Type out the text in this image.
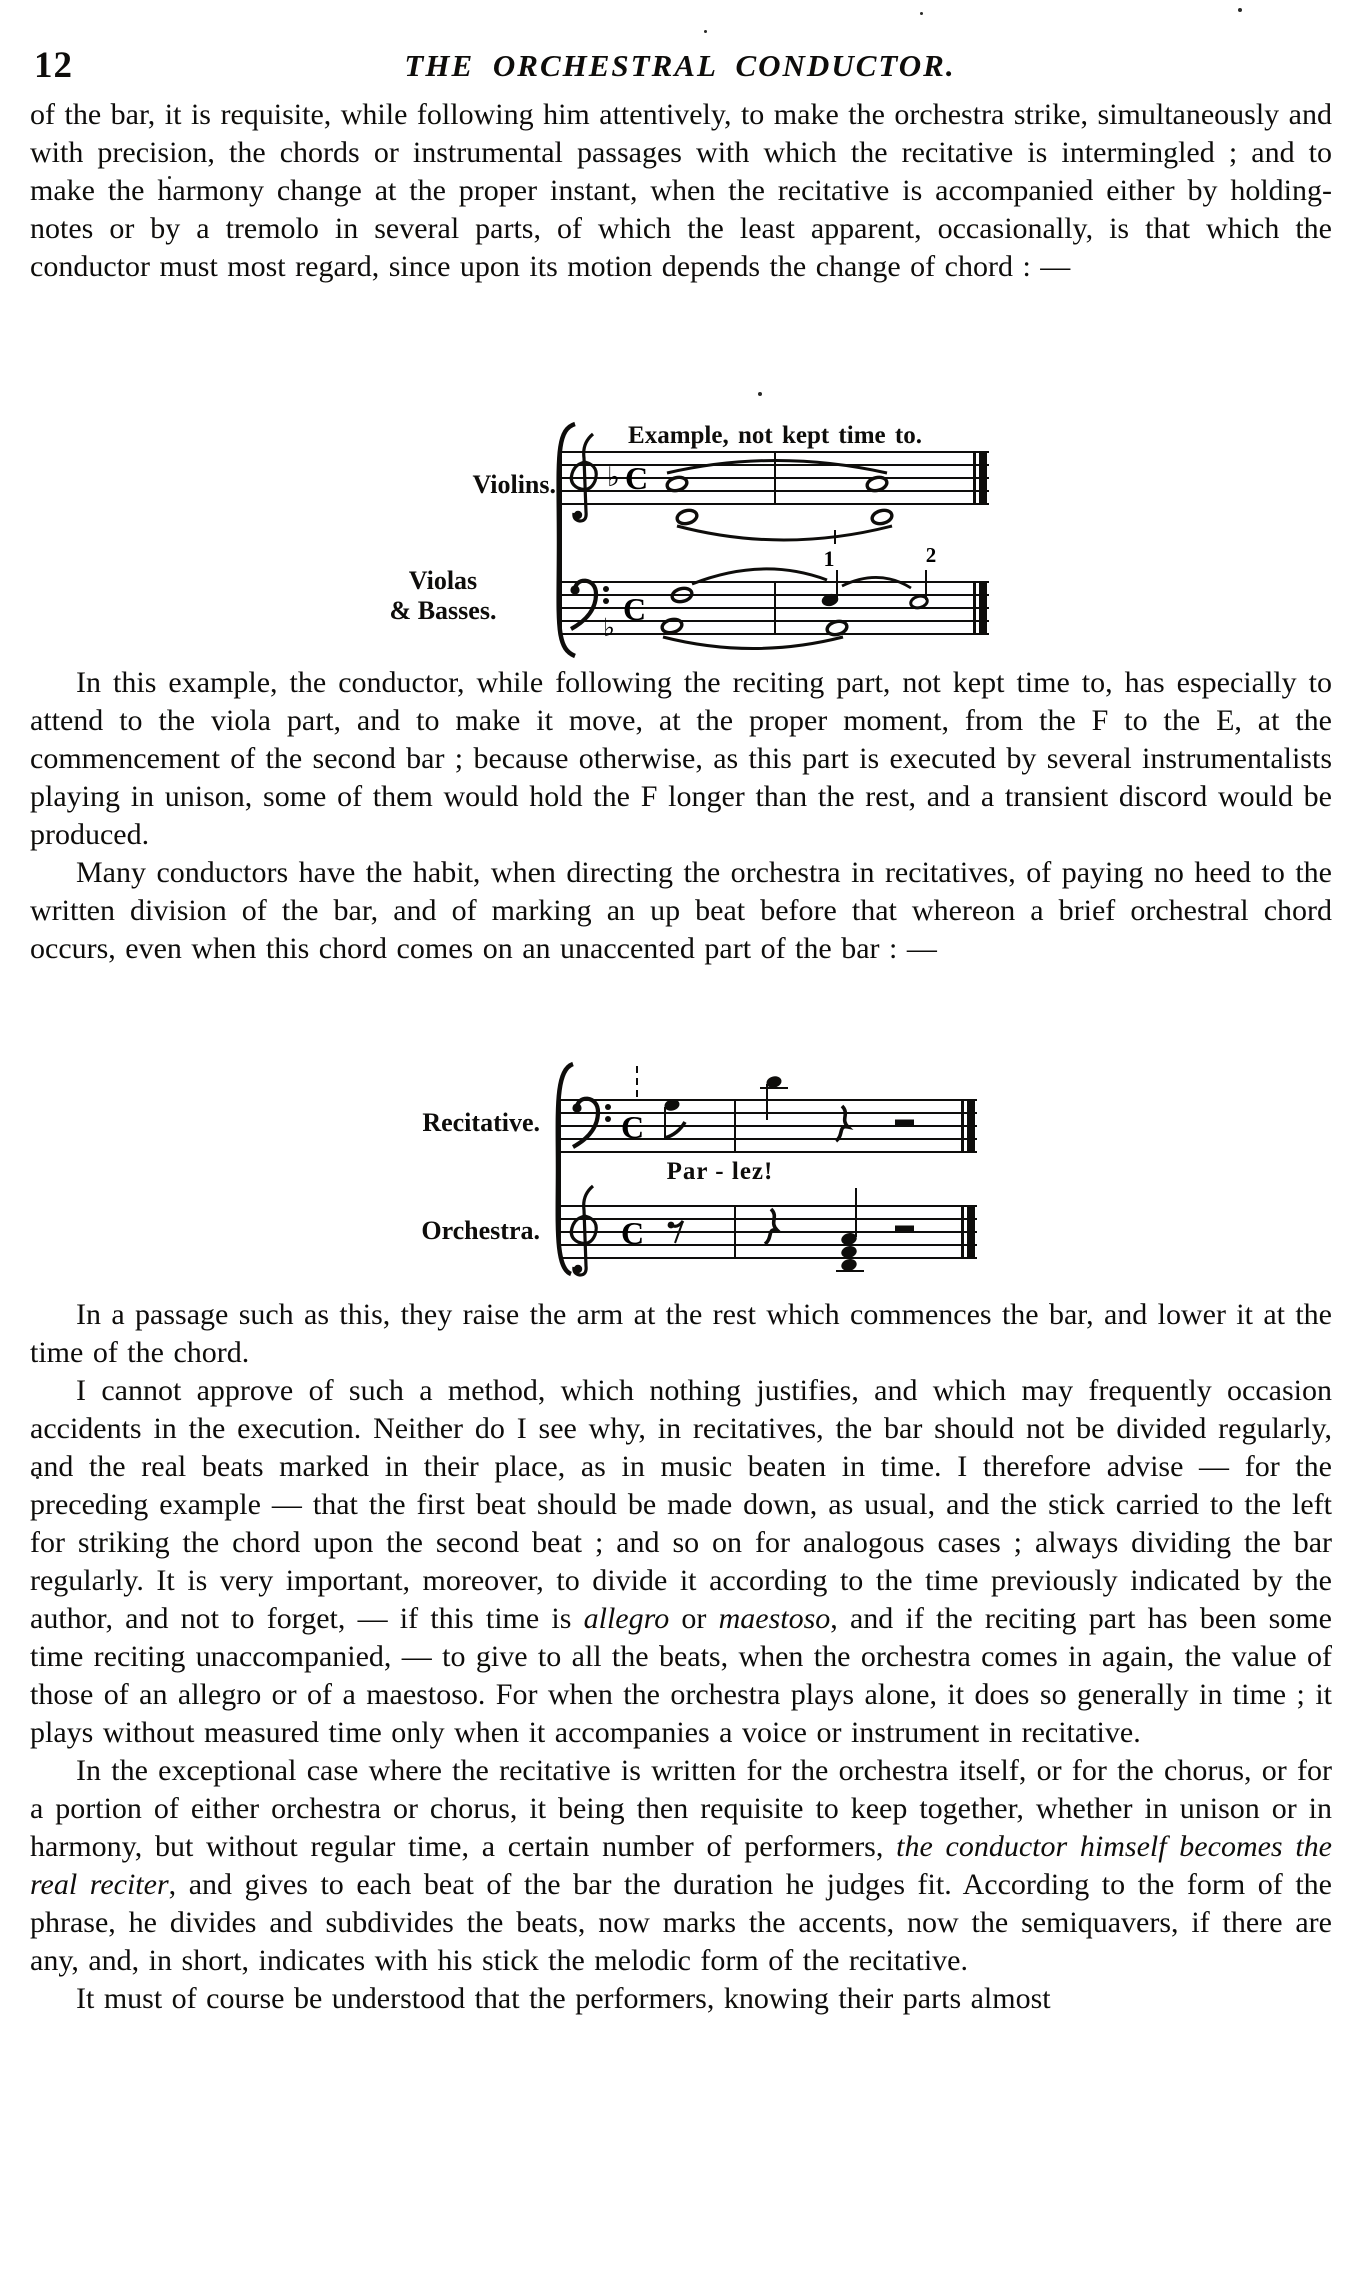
12	THE ORCHESTRAL CONDUCTOR.

of the bar, it is requisite, while following him attentively, to make the orchestra strike, simultaneously and with precision, the chords or instrumental passages with which the recitative is intermingled ; and to make the harmony change at the proper instant, when the recitative is accompanied either by holding-notes or by a tremolo in several parts, of which the least apparent, occasionally, is that which the conductor must most regard, since upon its motion depends the change of chord : —

Example, not kept time to.
Violins.
Violas
& Basses.
♭ C
♭
C
1	2

In this example, the conductor, while following the reciting part, not kept time to, has especially to attend to the viola part, and to make it move, at the proper moment, from the F to the E, at the commencement of the second bar ; because otherwise, as this part is executed by several instrumentalists playing in unison, some of them would hold the F longer than the rest, and a transient discord would be produced.

Many conductors have the habit, when directing the orchestra in recitatives, of paying no heed to the written division of the bar, and of marking an up beat before that whereon a brief orchestral chord occurs, even when this chord comes on an unaccented part of the bar : —

Recitative.
Orchestra.
Par - lez!
C
C

In a passage such as this, they raise the arm at the rest which commences the bar, and lower it at the time of the chord.

I cannot approve of such a method, which nothing justifies, and which may frequently occasion accidents in the execution. Neither do I see why, in recitatives, the bar should not be divided regularly, and the real beats marked in their place, as in music beaten in time. I therefore advise — for the preceding example — that the first beat should be made down, as usual, and the stick carried to the left for striking the chord upon the second beat ; and so on for analogous cases ; always dividing the bar regularly. It is very important, moreover, to divide it according to the time previously indicated by the author, and not to forget, — if this time is allegro or maestoso, and if the reciting part has been some time reciting unaccompanied, — to give to all the beats, when the orchestra comes in again, the value of those of an allegro or of a maestoso. For when the orchestra plays alone, it does so generally in time ; it plays without measured time only when it accompanies a voice or instrument in recitative.

In the exceptional case where the recitative is written for the orchestra itself, or for the chorus, or for a portion of either orchestra or chorus, it being then requisite to keep together, whether in unison or in harmony, but without regular time, a certain number of performers, the conductor himself becomes the real reciter, and gives to each beat of the bar the duration he judges fit. According to the form of the phrase, he divides and subdivides the beats, now marks the accents, now the semiquavers, if there are any, and, in short, indicates with his stick the melodic form of the recitative.

It must of course be understood that the performers, knowing their parts almost
